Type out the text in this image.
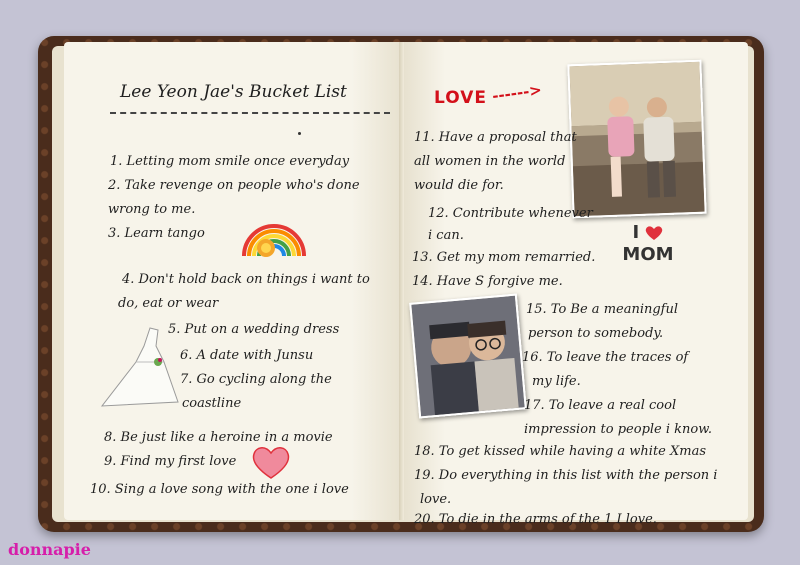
Lee Yeon Jae's Bucket List
1. Letting mom smile once everyday
2. Take revenge on people who's done
wrong to me.
3. Learn tango
4. Don't hold back on things i want to
do, eat or wear
5. Put on a wedding dress
6. A date with Junsu
7. Go cycling along the
coastline
8. Be just like a heroine in a movie
9. Find my first love
10. Sing a love song with the one i love
LOVE ------>
I
MOM
11. Have a proposal that
all women in the world
would die for.
12. Contribute whenever
i can.
13. Get my mom remarried.
14. Have S forgive me.
15. To Be a meaningful
person to somebody.
16. To leave the traces of
my life.
17. To leave a real cool
impression to people i know.
18. To get kissed while having a white Xmas
19. Do everything in this list with the person i
love.
20. To die in the arms of the 1 I love.
donnapie
